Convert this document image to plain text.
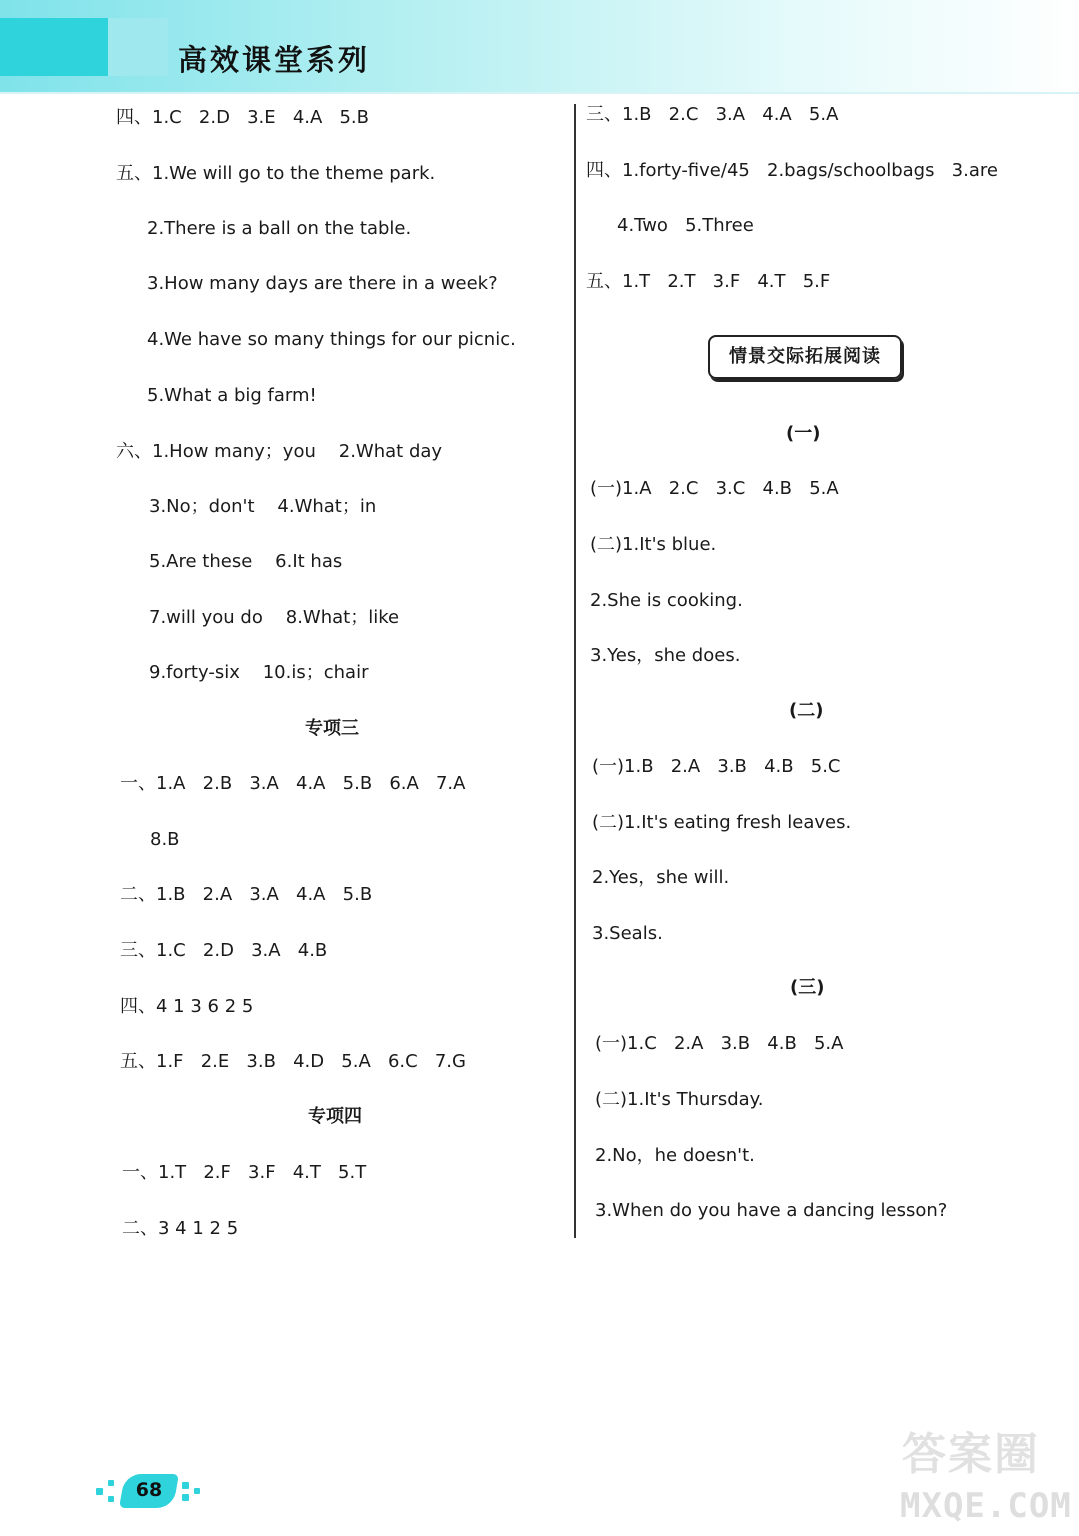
高效课堂系列
四、1.C   2.D   3.E   4.A   5.B
五、1.We will go to the theme park.
2.There is a ball on the table.
3.How many days are there in a week?
4.We have so many things for our picnic.
5.What a big farm!
六、1.How many；you    2.What day
3.No；don't    4.What；in
5.Are these    6.It has
7.will you do    8.What；like
9.forty-six    10.is；chair
专项三
一、1.A   2.B   3.A   4.A   5.B   6.A   7.A
8.B
二、1.B   2.A   3.A   4.A   5.B
三、1.C   2.D   3.A   4.B
四、4 1 3 6 2 5
五、1.F   2.E   3.B   4.D   5.A   6.C   7.G
专项四
一、1.T   2.F   3.F   4.T   5.T
二、3 4 1 2 5
三、1.B   2.C   3.A   4.A   5.A
四、1.forty-five/45   2.bags/schoolbags   3.are
4.Two   5.Three
五、1.T   2.T   3.F   4.T   5.F
情景交际拓展阅读
(一)
(一)1.A   2.C   3.C   4.B   5.A
(二)1.It's blue.
2.She is cooking.
3.Yes，she does.
(二)
(一)1.B   2.A   3.B   4.B   5.C
(二)1.It's eating fresh leaves.
2.Yes，she will.
3.Seals.
(三)
(一)1.C   2.A   3.B   4.B   5.A
(二)1.It's Thursday.
2.No，he doesn't.
3.When do you have a dancing lesson?
68
答案圈
MXQE.COM
